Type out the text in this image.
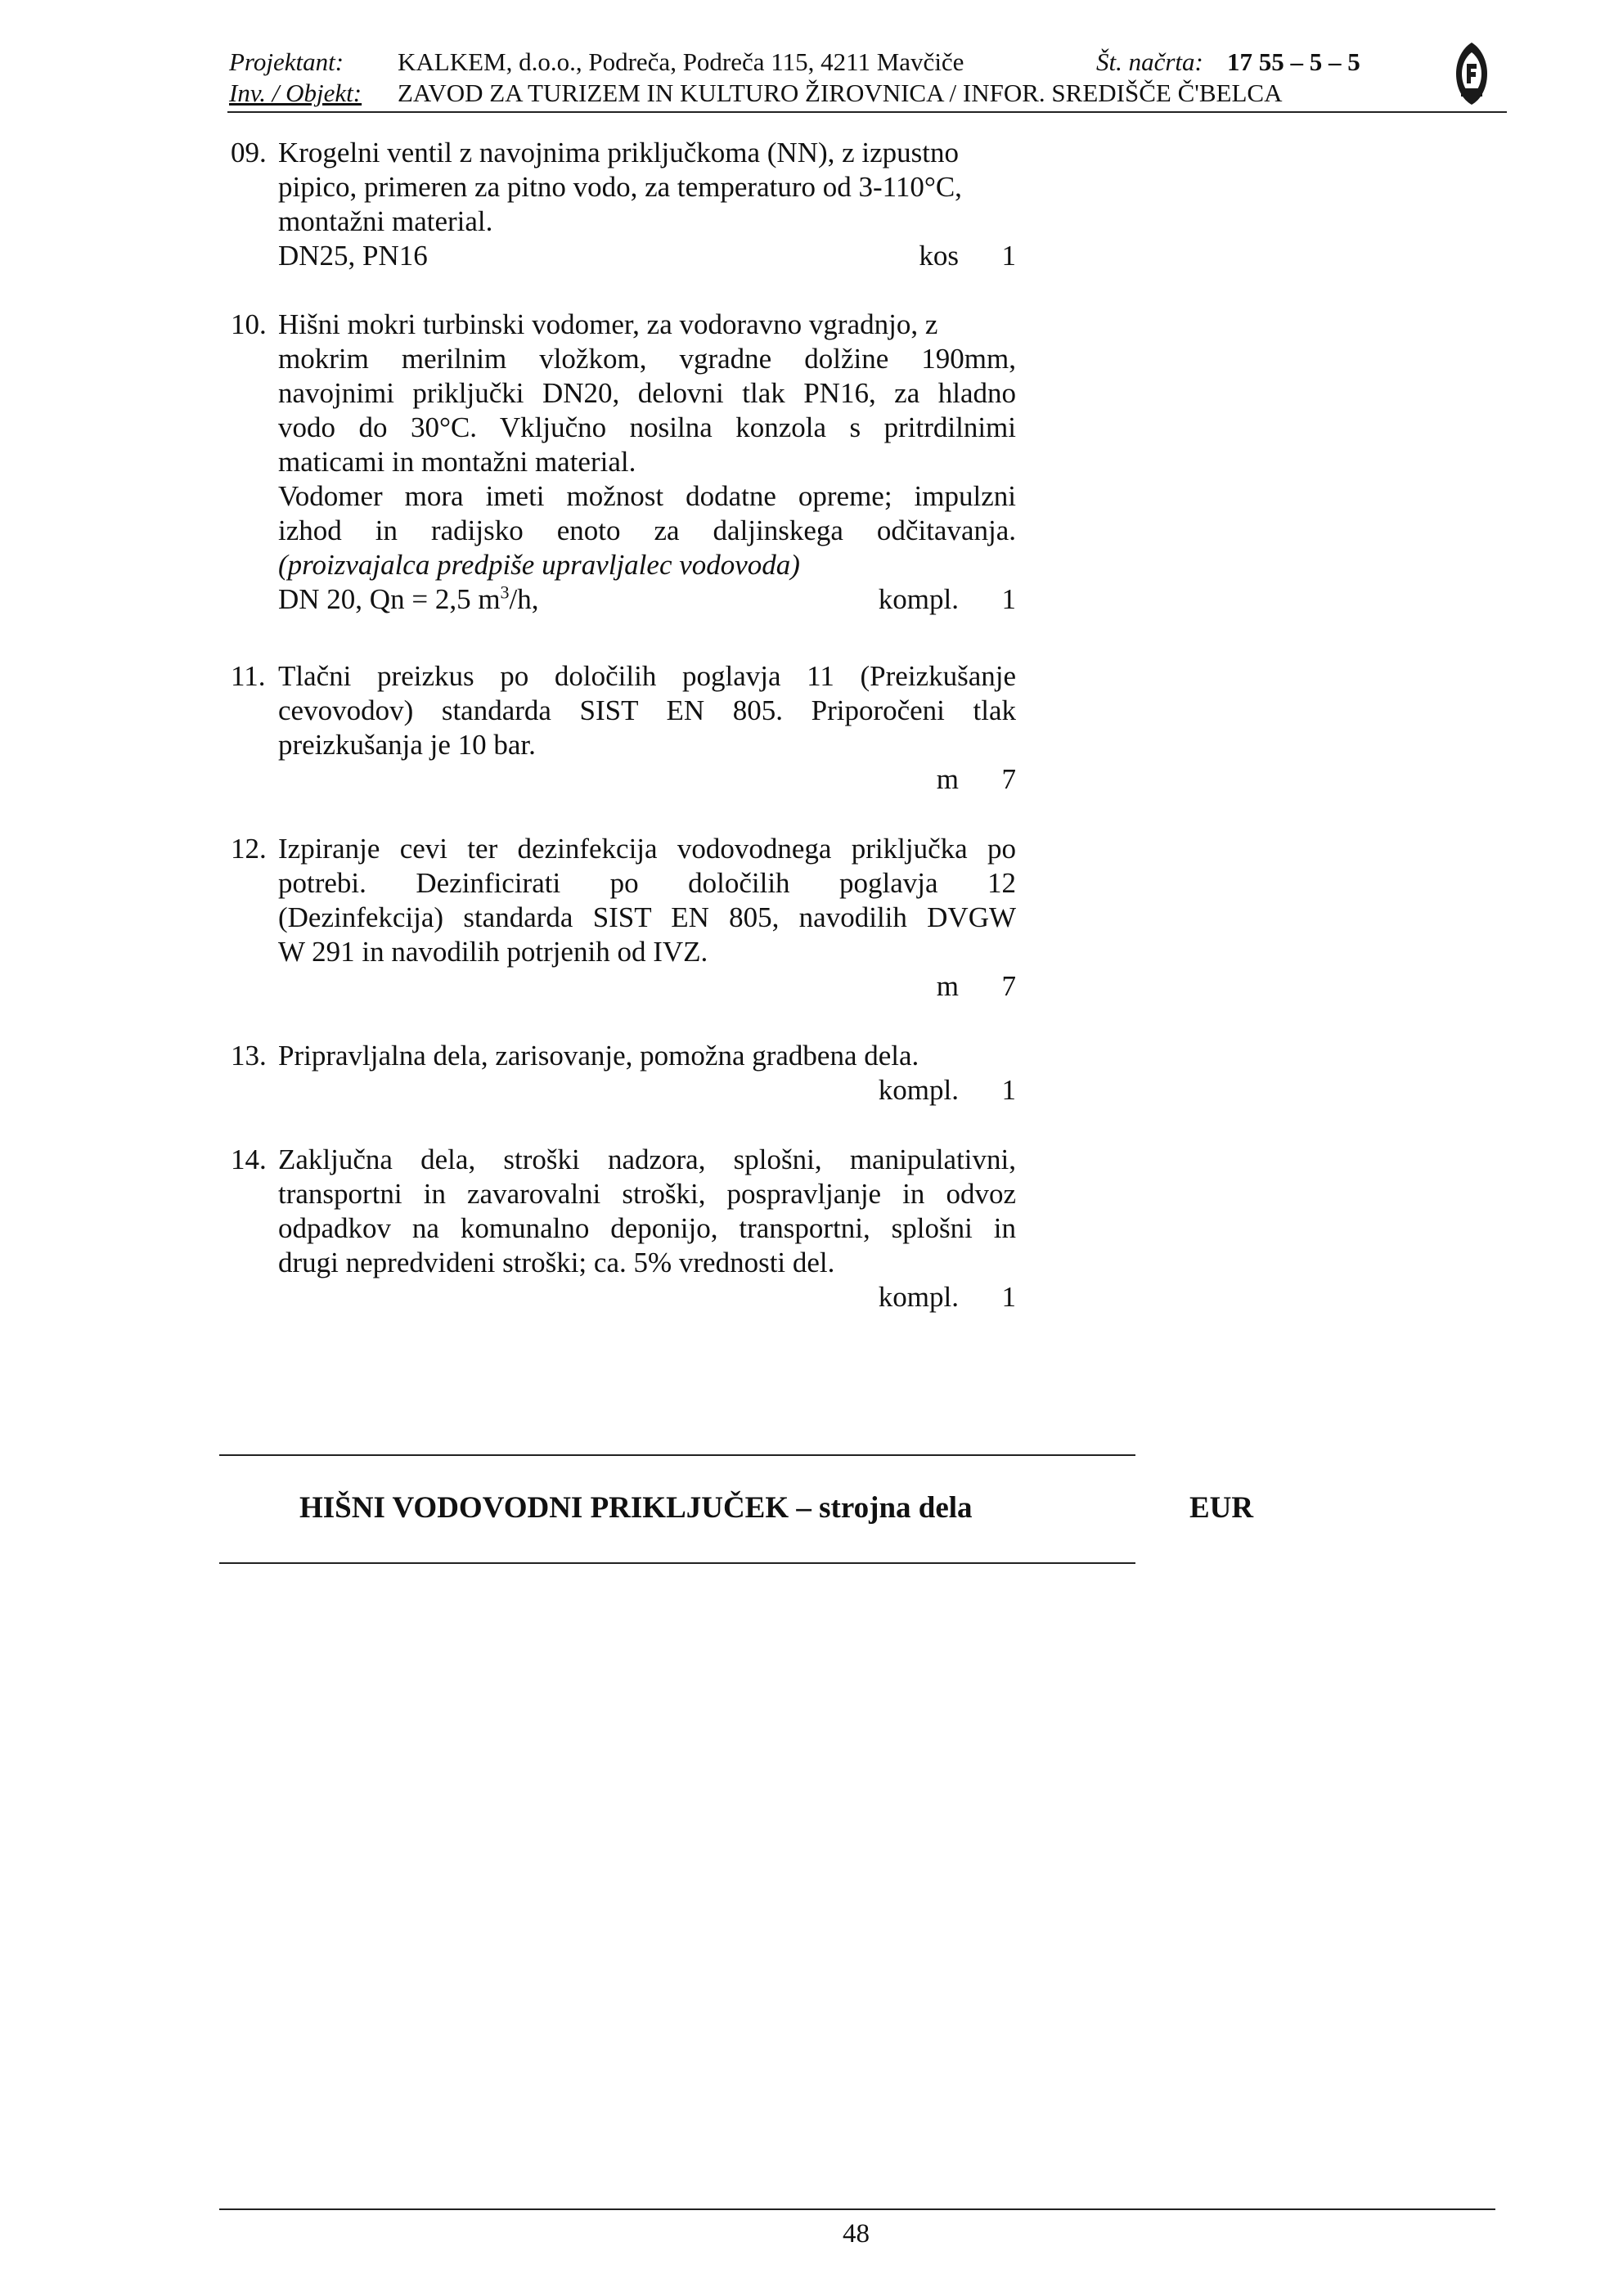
Projektant: KALKEM, d.o.o., Podreča, Podreča 115, 4211 Mavčiče	Št. načrta: 17 55 – 5 – 5
Inv. / Objekt: ZAVOD ZA TURIZEM IN KULTURO ŽIROVNICA / INFOR. SREDIŠČE Č'BELCA
09. Krogelni ventil z navojnima priključkoma (NN), z izpustno
pipico, primeren za pitno vodo, za temperaturo od 3-110°C,
montažni material.
DN25, PN16	kos 1
10. Hišni mokri turbinski vodomer, za vodoravno vgradnjo, z
mokrim merilnim vložkom, vgradne dolžine 190mm,
navojnimi priključki DN20, delovni tlak PN16, za hladno
vodo do 30°C. Vključno nosilna konzola s pritrdilnimi
maticami in montažni material.
Vodomer mora imeti možnost dodatne opreme; impulzni
izhod in radijsko enoto za daljinskega odčitavanja.
(proizvajalca predpiše upravljalec vodovoda)
DN 20, Qn = 2,5 $m^3/h$,	kompl. 1
11. Tlačni preizkus po določilih poglavja 11 (Preizkušanje
cevovodov) standarda SIST EN 805. Priporočeni tlak
preizkušanja je 10 bar.
m 7
12. Izpiranje cevi ter dezinfekcija vodovodnega priključka po
potrebi. Dezinficirati po določilih poglavja 12
(Dezinfekcija) standarda SIST EN 805, navodilih DVGW
W 291 in navodilih potrjenih od IVZ.
m 7
13. Pripravljalna dela, zarisovanje, pomožna gradbena dela.
kompl. 1
14. Zaključna dela, stroški nadzora, splošni, manipulativni,
transportni in zavarovalni stroški, pospravljanje in odvoz
odpadkov na komunalno deponijo, transportni, splošni in
drugi nepredvideni stroški; ca. 5% vrednosti del.
kompl. 1
HIŠNI VODOVODNI PRIKLJUČEK – strojna dela	EUR
48
